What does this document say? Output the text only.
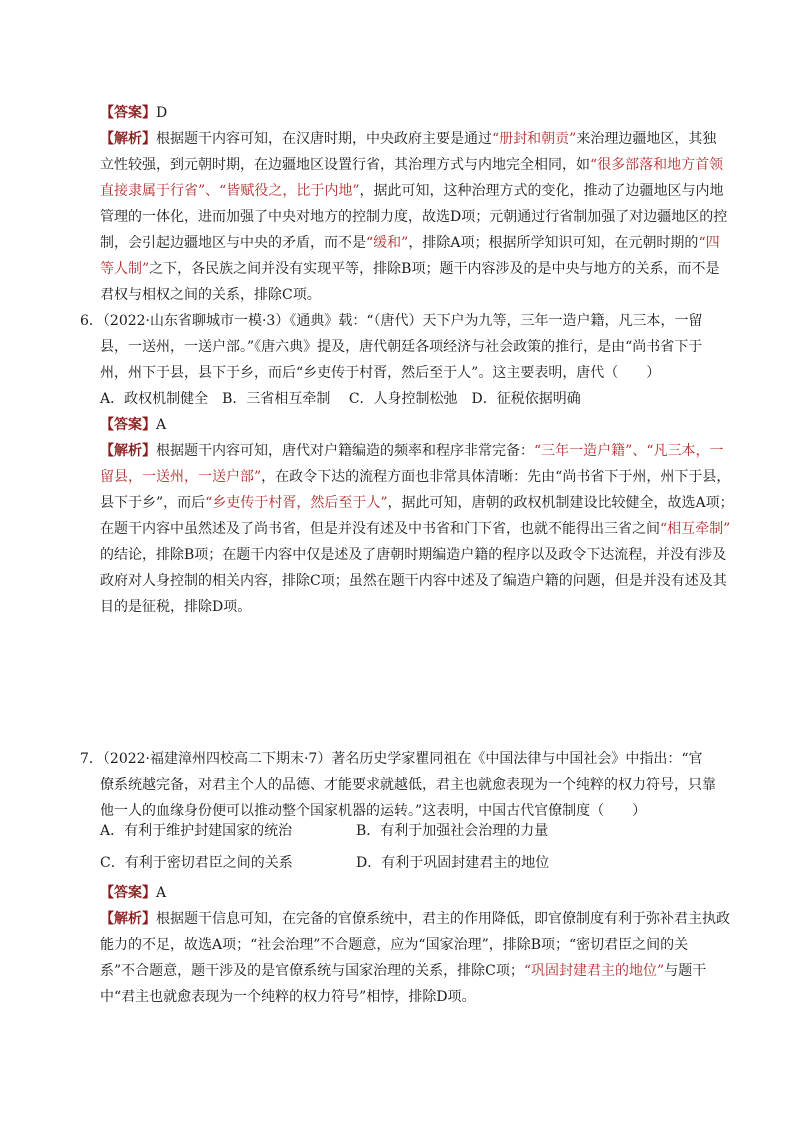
【答案】D
【解析】根据题干内容可知，在汉唐时期，中央政府主要是通过“册封和朝贡”来治理边疆地区，其独
立性较强，到元朝时期，在边疆地区设置行省，其治理方式与内地完全相同，如“很多部落和地方首领
直接隶属于行省”、“皆赋役之，比于内地”，据此可知，这种治理方式的变化，推动了边疆地区与内地
管理的一体化，进而加强了中央对地方的控制力度，故选D项；元朝通过行省制加强了对边疆地区的控
制，会引起边疆地区与中央的矛盾，而不是“缓和”，排除A项；根据所学知识可知，在元朝时期的“四
等人制”之下，各民族之间并没有实现平等，排除B项；题干内容涉及的是中央与地方的关系，而不是
君权与相权之间的关系，排除C项。
6．（2022·山东省聊城市一模·3）《通典》载：“（唐代）天下户为九等，三年一造户籍，凡三本，一留
县，一送州，一送户部。”《唐六典》提及，唐代朝廷各项经济与社会政策的推行，是由“尚书省下于
州，州下于县，县下于乡，而后“乡吏传于村胥，然后至于人”。这主要表明，唐代（　　）
A．政权机制健全　B．三省相互牵制　 C．人身控制松弛　D．征税依据明确
【答案】A
【解析】根据题干内容可知，唐代对户籍编造的频率和程序非常完备：“三年一造户籍”、“凡三本，一
留县，一送州，一送户部”，在政令下达的流程方面也非常具体清晰：先由“尚书省下于州，州下于县，
县下于乡”，而后“乡吏传于村胥，然后至于人”，据此可知，唐朝的政权机制建设比较健全，故选A项；
在题干内容中虽然述及了尚书省，但是并没有述及中书省和门下省，也就不能得出三省之间“相互牵制”
的结论，排除B项；在题干内容中仅是述及了唐朝时期编造户籍的程序以及政令下达流程，并没有涉及
政府对人身控制的相关内容，排除C项；虽然在题干内容中述及了编造户籍的问题，但是并没有述及其
目的是征税，排除D项。
7．（2022·福建漳州四校高二下期末·7）著名历史学家瞿同祖在《中国法律与中国社会》中指出：“官
僚系统越完备，对君主个人的品德、才能要求就越低，君主也就愈表现为一个纯粹的权力符号，只靠
他一人的血缘身份便可以推动整个国家机器的运转。”这表明，中国古代官僚制度（　　）
A．有利于维护封建国家的统治	B．有利于加强社会治理的力量
C．有利于密切君臣之间的关系	D．有利于巩固封建君主的地位
【答案】A
【解析】根据题干信息可知，在完备的官僚系统中，君主的作用降低，即官僚制度有利于弥补君主执政
能力的不足，故选A项；“社会治理”不合题意，应为“国家治理”，排除B项；“密切君臣之间的关
系”不合题意，题干涉及的是官僚系统与国家治理的关系，排除C项；“巩固封建君主的地位”与题干
中“君主也就愈表现为一个纯粹的权力符号”相悖，排除D项。
